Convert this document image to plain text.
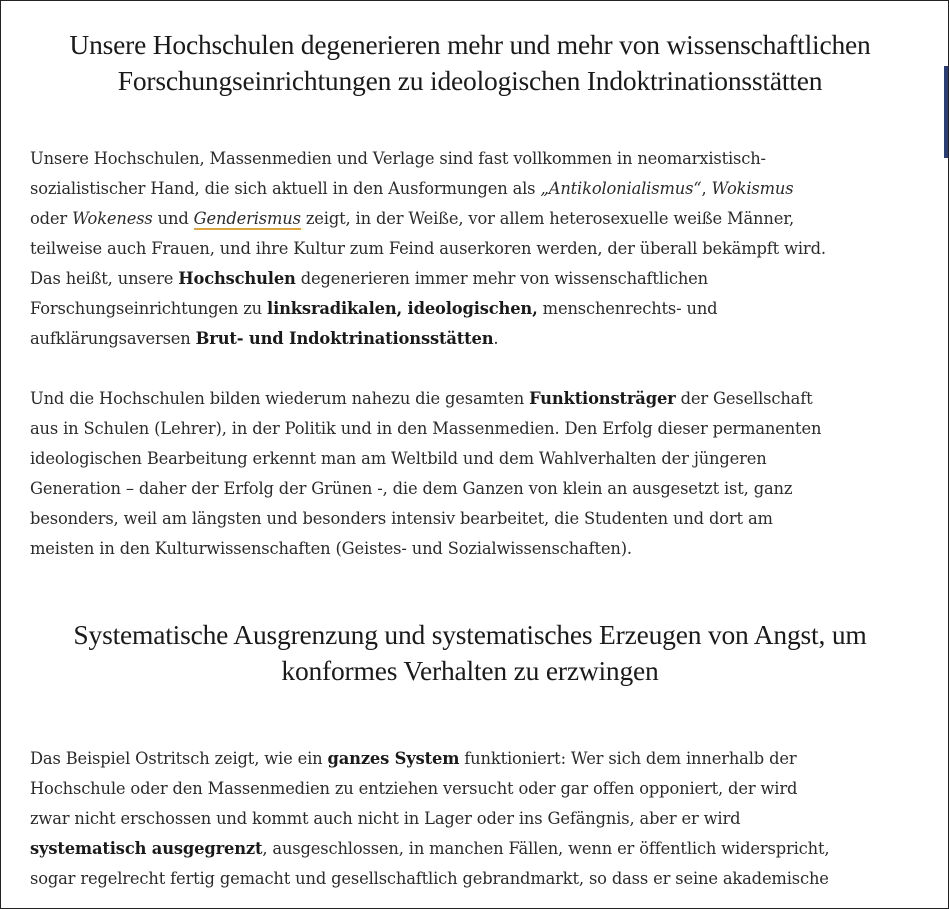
Unsere Hochschulen degenerieren mehr und mehr von wissenschaftlichen
Forschungseinrichtungen zu ideologischen Indoktrinationsstätten

Unsere Hochschulen, Massenmedien und Verlage sind fast vollkommen in neomarxistisch-
sozialistischer Hand, die sich aktuell in den Ausformungen als „Antikolonialismus“, Wokismus
oder Wokeness und Genderismus zeigt, in der Weiße, vor allem heterosexuelle weiße Männer,
teilweise auch Frauen, und ihre Kultur zum Feind auserkoren werden, der überall bekämpft wird.
Das heißt, unsere Hochschulen degenerieren immer mehr von wissenschaftlichen
Forschungseinrichtungen zu linksradikalen, ideologischen, menschenrechts- und
aufklärungsaversen Brut- und Indoktrinationsstätten.

Und die Hochschulen bilden wiederum nahezu die gesamten Funktionsträger der Gesellschaft
aus in Schulen (Lehrer), in der Politik und in den Massenmedien. Den Erfolg dieser permanenten
ideologischen Bearbeitung erkennt man am Weltbild und dem Wahlverhalten der jüngeren
Generation – daher der Erfolg der Grünen -, die dem Ganzen von klein an ausgesetzt ist, ganz
besonders, weil am längsten und besonders intensiv bearbeitet, die Studenten und dort am
meisten in den Kulturwissenschaften (Geistes- und Sozialwissenschaften).

Systematische Ausgrenzung und systematisches Erzeugen von Angst, um
konformes Verhalten zu erzwingen

Das Beispiel Ostritsch zeigt, wie ein ganzes System funktioniert: Wer sich dem innerhalb der
Hochschule oder den Massenmedien zu entziehen versucht oder gar offen opponiert, der wird
zwar nicht erschossen und kommt auch nicht in Lager oder ins Gefängnis, aber er wird
systematisch ausgegrenzt, ausgeschlossen, in manchen Fällen, wenn er öffentlich widerspricht,
sogar regelrecht fertig gemacht und gesellschaftlich gebrandmarkt, so dass er seine akademische
